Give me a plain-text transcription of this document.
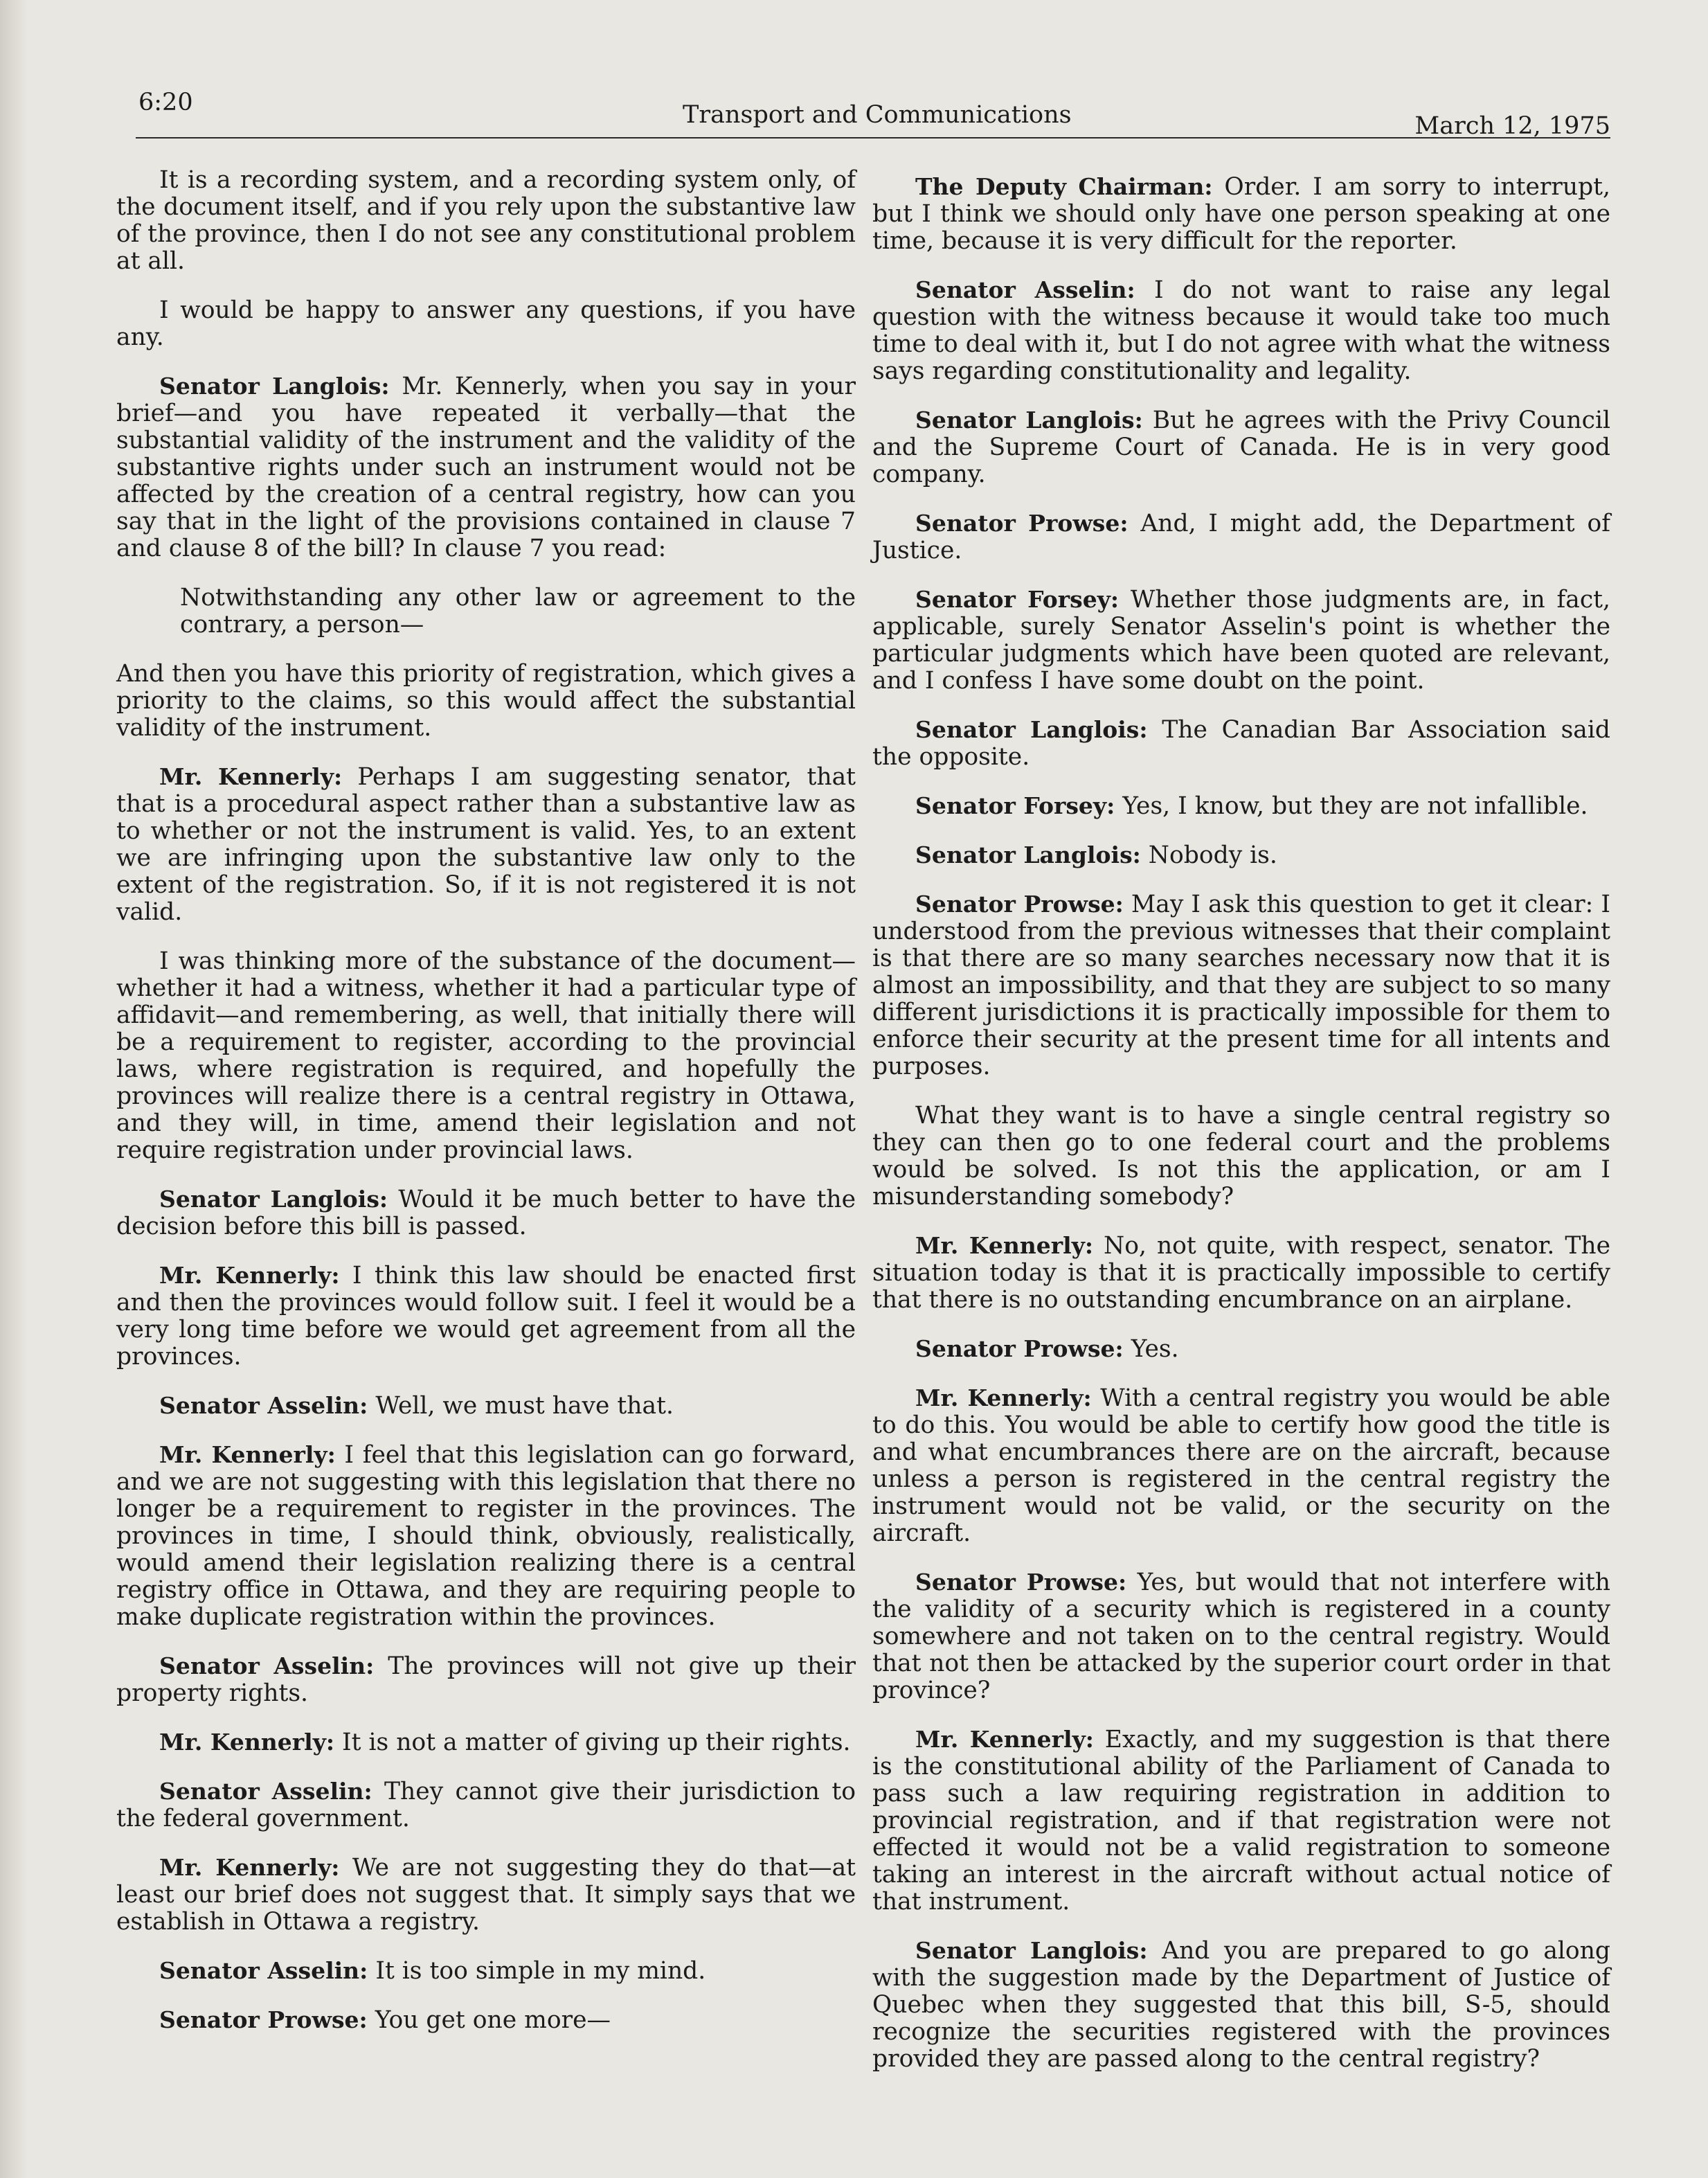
6:20	Transport and Communications	March 12, 1975

It is a recording system, and a recording system only, of the document itself, and if you rely upon the substantive law of the province, then I do not see any constitutional problem at all.

I would be happy to answer any questions, if you have any.

Senator Langlois: Mr. Kennerly, when you say in your brief—and you have repeated it verbally—that the substantial validity of the instrument and the validity of the substantive rights under such an instrument would not be affected by the creation of a central registry, how can you say that in the light of the provisions contained in clause 7 and clause 8 of the bill? In clause 7 you read:

Notwithstanding any other law or agreement to the contrary, a person—

And then you have this priority of registration, which gives a priority to the claims, so this would affect the substantial validity of the instrument.

Mr. Kennerly: Perhaps I am suggesting senator, that that is a procedural aspect rather than a substantive law as to whether or not the instrument is valid. Yes, to an extent we are infringing upon the substantive law only to the extent of the registration. So, if it is not registered it is not valid.

I was thinking more of the substance of the document—whether it had a witness, whether it had a particular type of affidavit—and remembering, as well, that initially there will be a requirement to register, according to the provincial laws, where registration is required, and hopefully the provinces will realize there is a central registry in Ottawa, and they will, in time, amend their legislation and not require registration under provincial laws.

Senator Langlois: Would it be much better to have the decision before this bill is passed.

Mr. Kennerly: I think this law should be enacted first and then the provinces would follow suit. I feel it would be a very long time before we would get agreement from all the provinces.

Senator Asselin: Well, we must have that.

Mr. Kennerly: I feel that this legislation can go forward, and we are not suggesting with this legislation that there no longer be a requirement to register in the provinces. The provinces in time, I should think, obviously, realistically, would amend their legislation realizing there is a central registry office in Ottawa, and they are requiring people to make duplicate registration within the provinces.

Senator Asselin: The provinces will not give up their property rights.

Mr. Kennerly: It is not a matter of giving up their rights.

Senator Asselin: They cannot give their jurisdiction to the federal government.

Mr. Kennerly: We are not suggesting they do that—at least our brief does not suggest that. It simply says that we establish in Ottawa a registry.

Senator Asselin: It is too simple in my mind.

Senator Prowse: You get one more—

The Deputy Chairman: Order. I am sorry to interrupt, but I think we should only have one person speaking at one time, because it is very difficult for the reporter.

Senator Asselin: I do not want to raise any legal question with the witness because it would take too much time to deal with it, but I do not agree with what the witness says regarding constitutionality and legality.

Senator Langlois: But he agrees with the Privy Council and the Supreme Court of Canada. He is in very good company.

Senator Prowse: And, I might add, the Department of Justice.

Senator Forsey: Whether those judgments are, in fact, applicable, surely Senator Asselin's point is whether the particular judgments which have been quoted are relevant, and I confess I have some doubt on the point.

Senator Langlois: The Canadian Bar Association said the opposite.

Senator Forsey: Yes, I know, but they are not infallible.

Senator Langlois: Nobody is.

Senator Prowse: May I ask this question to get it clear: I understood from the previous witnesses that their complaint is that there are so many searches necessary now that it is almost an impossibility, and that they are subject to so many different jurisdictions it is practically impossible for them to enforce their security at the present time for all intents and purposes.

What they want is to have a single central registry so they can then go to one federal court and the problems would be solved. Is not this the application, or am I misunderstanding somebody?

Mr. Kennerly: No, not quite, with respect, senator. The situation today is that it is practically impossible to certify that there is no outstanding encumbrance on an airplane.

Senator Prowse: Yes.

Mr. Kennerly: With a central registry you would be able to do this. You would be able to certify how good the title is and what encumbrances there are on the aircraft, because unless a person is registered in the central registry the instrument would not be valid, or the security on the aircraft.

Senator Prowse: Yes, but would that not interfere with the validity of a security which is registered in a county somewhere and not taken on to the central registry. Would that not then be attacked by the superior court order in that province?

Mr. Kennerly: Exactly, and my suggestion is that there is the constitutional ability of the Parliament of Canada to pass such a law requiring registration in addition to provincial registration, and if that registration were not effected it would not be a valid registration to someone taking an interest in the aircraft without actual notice of that instrument.

Senator Langlois: And you are prepared to go along with the suggestion made by the Department of Justice of Quebec when they suggested that this bill, S-5, should recognize the securities registered with the provinces provided they are passed along to the central registry?
